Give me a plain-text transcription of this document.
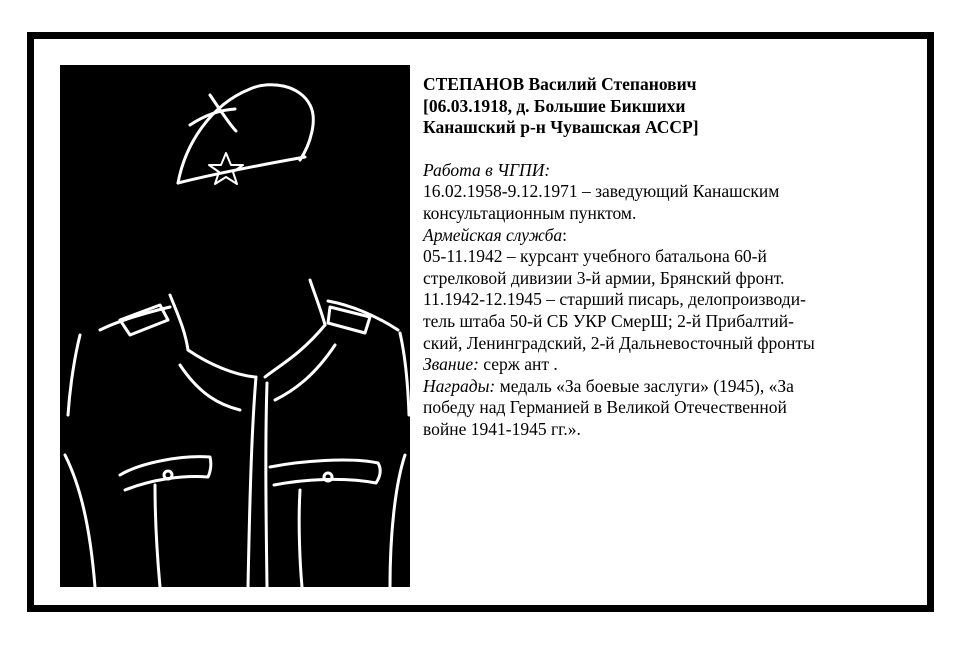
СТЕПАНОВ Василий Степанович
[06.03.1918, д. Большие Бикшихи
Канашский р-н Чувашская АССР]
Работа в ЧГПИ:
16.02.1958-9.12.1971 – заведующий Канашским
консультационным пунктом.
Армейская служба:
05-11.1942 – курсант учебного батальона 60-й
стрелковой дивизии 3-й армии, Брянский фронт.
11.1942-12.1945 – старший писарь, делопроизводи-
тель штаба 50-й СБ УКР СмерШ; 2-й Прибалтий-
ский, Ленинградский, 2-й Дальневосточный фронты
Звание: серж ант .
Награды: медаль «За боевые заслуги» (1945), «За
победу над Германией в Великой Отечественной
войне 1941-1945 гг.».
